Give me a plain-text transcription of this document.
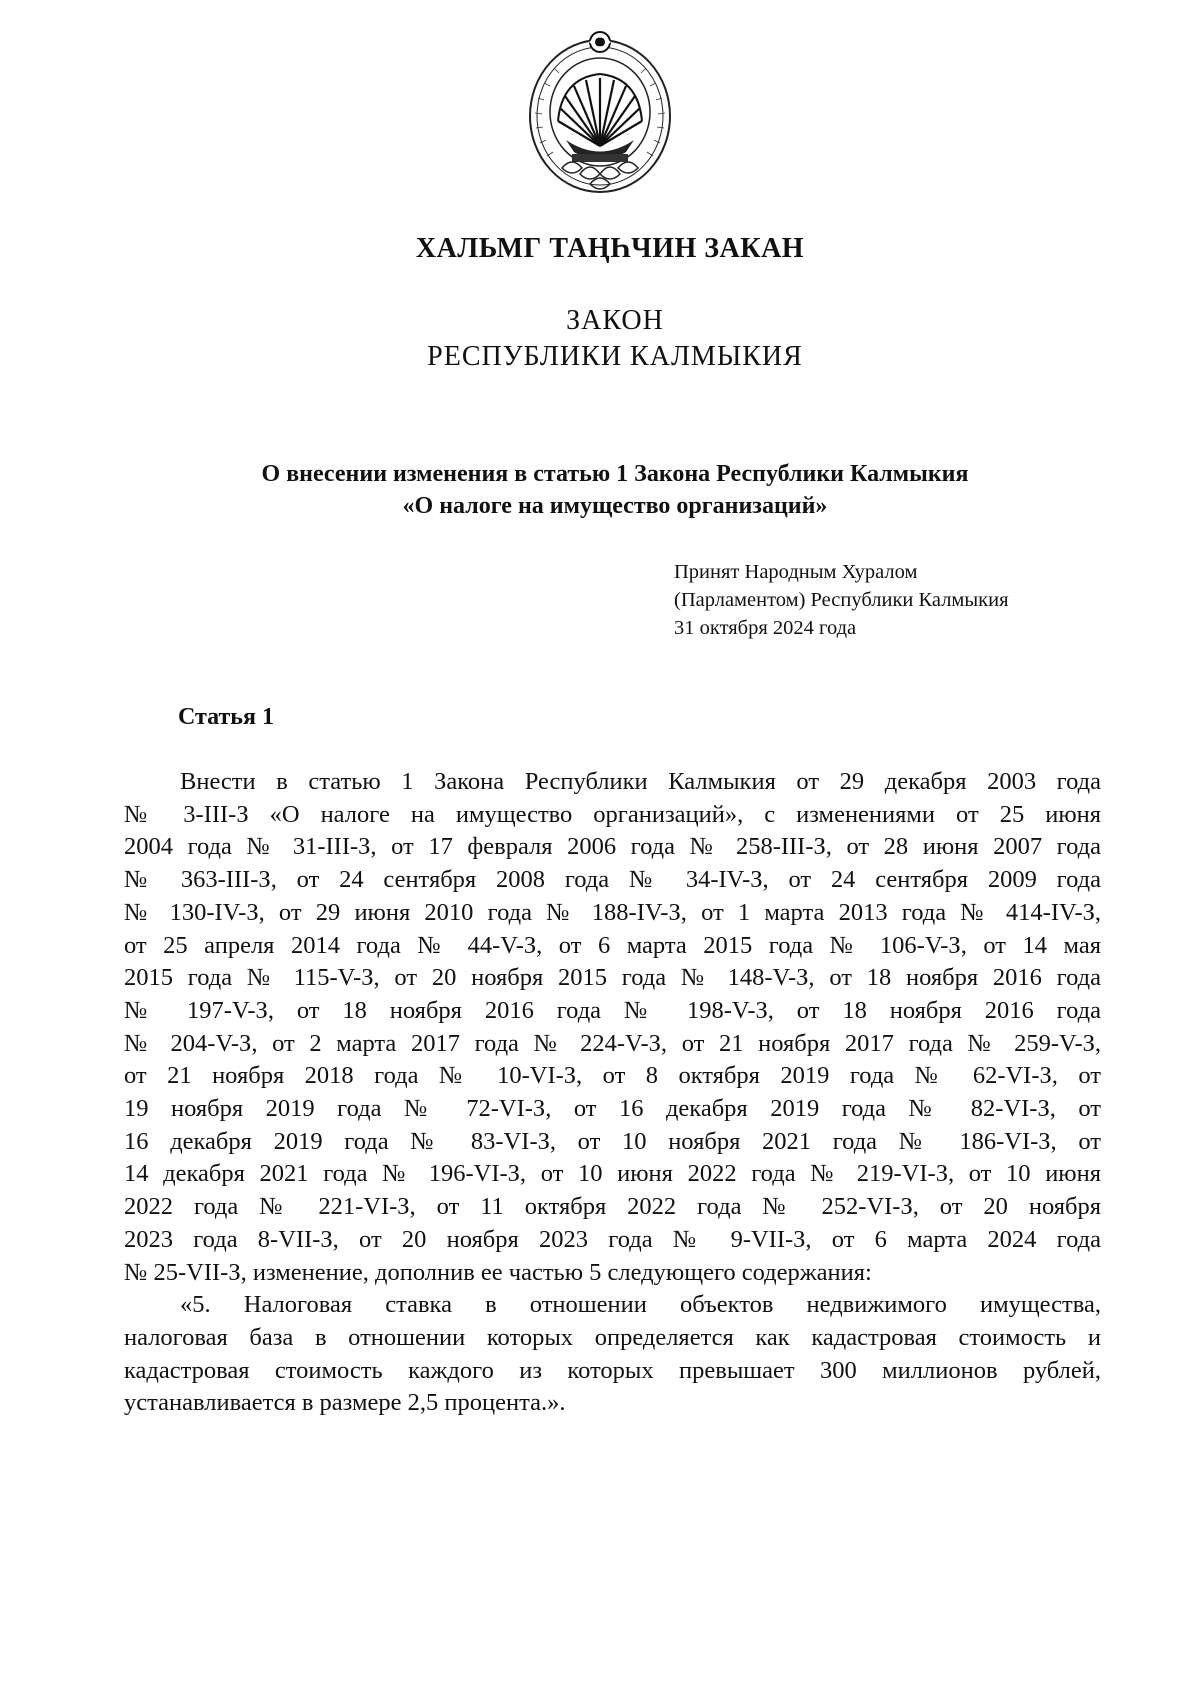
ХАЛЬМГ ТАҢҺЧИН ЗАКАН
ЗАКОН
РЕСПУБЛИКИ КАЛМЫКИЯ
О внесении изменения в статью 1 Закона Республики Калмыкия
«О налоге на имущество организаций»
Принят Народным Хуралом
(Парламентом) Республики Калмыкия
31 октября 2024 года
Статья 1
Внести в статью 1 Закона Республики Калмыкия от 29 декабря 2003 года
№ 3-III-З «О налоге на имущество организаций», с изменениями от 25 июня
2004 года № 31-III-З, от 17 февраля 2006 года № 258-III-З, от 28 июня 2007 года
№ 363-III-З, от 24 сентября 2008 года № 34-IV-З, от 24 сентября 2009 года
№ 130-IV-З, от 29 июня 2010 года № 188-IV-З, от 1 марта 2013 года № 414-IV-З,
от 25 апреля 2014 года № 44-V-З, от 6 марта 2015 года № 106-V-З, от 14 мая
2015 года № 115-V-З, от 20 ноября 2015 года № 148-V-З, от 18 ноября 2016 года
№ 197-V-З, от 18 ноября 2016 года № 198-V-З, от 18 ноября 2016 года
№ 204-V-З, от 2 марта 2017 года № 224-V-З, от 21 ноября 2017 года № 259-V-З,
от 21 ноября 2018 года № 10-VI-З, от 8 октября 2019 года № 62-VI-З, от
19 ноября 2019 года № 72-VI-З, от 16 декабря 2019 года № 82-VI-З, от
16 декабря 2019 года № 83-VI-З, от 10 ноября 2021 года № 186-VI-З, от
14 декабря 2021 года № 196-VI-З, от 10 июня 2022 года № 219-VI-З, от 10 июня
2022 года № 221-VI-З, от 11 октября 2022 года № 252-VI-З, от 20 ноября
2023 года 8-VII-З, от 20 ноября 2023 года № 9-VII-З, от 6 марта 2024 года
№ 25-VII-З, изменение, дополнив ее частью 5 следующего содержания:
«5. Налоговая ставка в отношении объектов недвижимого имущества,
налоговая база в отношении которых определяется как кадастровая стоимость и
кадастровая стоимость каждого из которых превышает 300 миллионов рублей,
устанавливается в размере 2,5 процента.».
